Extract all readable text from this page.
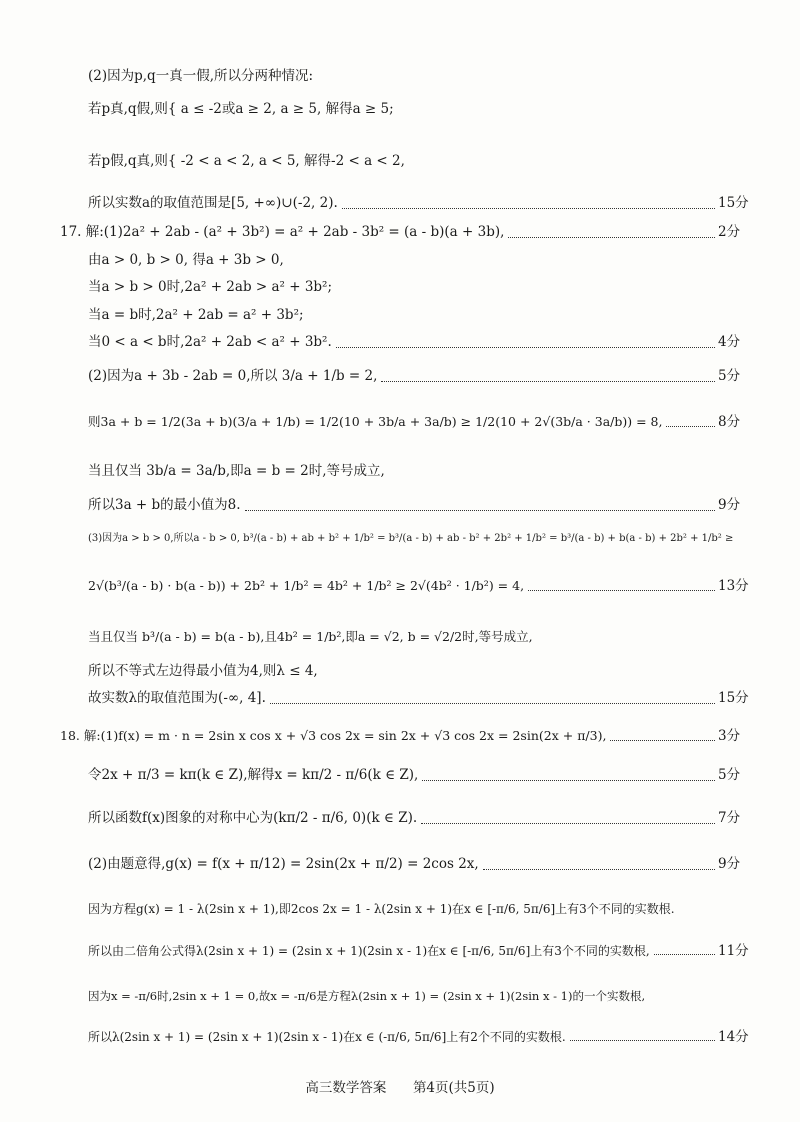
(2)因为p,q一真一假,所以分两种情况:
若p真,q假,则{ a ≤ -2或a ≥ 2, a ≥ 5, 解得a ≥ 5;
若p假,q真,则{ -2 < a < 2, a < 5, 解得-2 < a < 2,
所以实数a的取值范围是[5, +∞)∪(-2, 2).	15分
17. 解:(1)2a² + 2ab - (a² + 3b²) = a² + 2ab - 3b² = (a - b)(a + 3b),	2分
由a > 0, b > 0, 得a + 3b > 0,
当a > b > 0时,2a² + 2ab > a² + 3b²;
当a = b时,2a² + 2ab = a² + 3b²;
当0 < a < b时,2a² + 2ab < a² + 3b².	4分
(2)因为a + 3b - 2ab = 0,所以 3/a + 1/b = 2,	5分
则3a + b = 1/2(3a + b)(3/a + 1/b) = 1/2(10 + 3b/a + 3a/b) ≥ 1/2(10 + 2√(3b/a · 3a/b)) = 8,	8分
当且仅当 3b/a = 3a/b,即a = b = 2时,等号成立,
所以3a + b的最小值为8.	9分
(3)因为a > b > 0,所以a - b > 0, b³/(a - b) + ab + b² + 1/b² = b³/(a - b) + ab - b² + 2b² + 1/b² = b³/(a - b) + b(a - b) + 2b² + 1/b² ≥
2√(b³/(a - b) · b(a - b)) + 2b² + 1/b² = 4b² + 1/b² ≥ 2√(4b² · 1/b²) = 4,	13分
当且仅当 b³/(a - b) = b(a - b),且4b² = 1/b²,即a = √2, b = √2/2时,等号成立,
所以不等式左边得最小值为4,则λ ≤ 4,
故实数λ的取值范围为(-∞, 4].	15分
18. 解:(1)f(x) = m · n = 2sin x cos x + √3 cos 2x = sin 2x + √3 cos 2x = 2sin(2x + π/3),	3分
令2x + π/3 = kπ(k ∈ Z),解得x = kπ/2 - π/6(k ∈ Z),	5分
所以函数f(x)图象的对称中心为(kπ/2 - π/6, 0)(k ∈ Z).	7分
(2)由题意得,g(x) = f(x + π/12) = 2sin(2x + π/2) = 2cos 2x,	9分
因为方程g(x) = 1 - λ(2sin x + 1),即2cos 2x = 1 - λ(2sin x + 1)在x ∈ [-π/6, 5π/6]上有3个不同的实数根.
所以由二倍角公式得λ(2sin x + 1) = (2sin x + 1)(2sin x - 1)在x ∈ [-π/6, 5π/6]上有3个不同的实数根,	11分
因为x = -π/6时,2sin x + 1 = 0,故x = -π/6是方程λ(2sin x + 1) = (2sin x + 1)(2sin x - 1)的一个实数根,
所以λ(2sin x + 1) = (2sin x + 1)(2sin x - 1)在x ∈ (-π/6, 5π/6]上有2个不同的实数根.	14分
高三数学答案 第4页(共5页)
